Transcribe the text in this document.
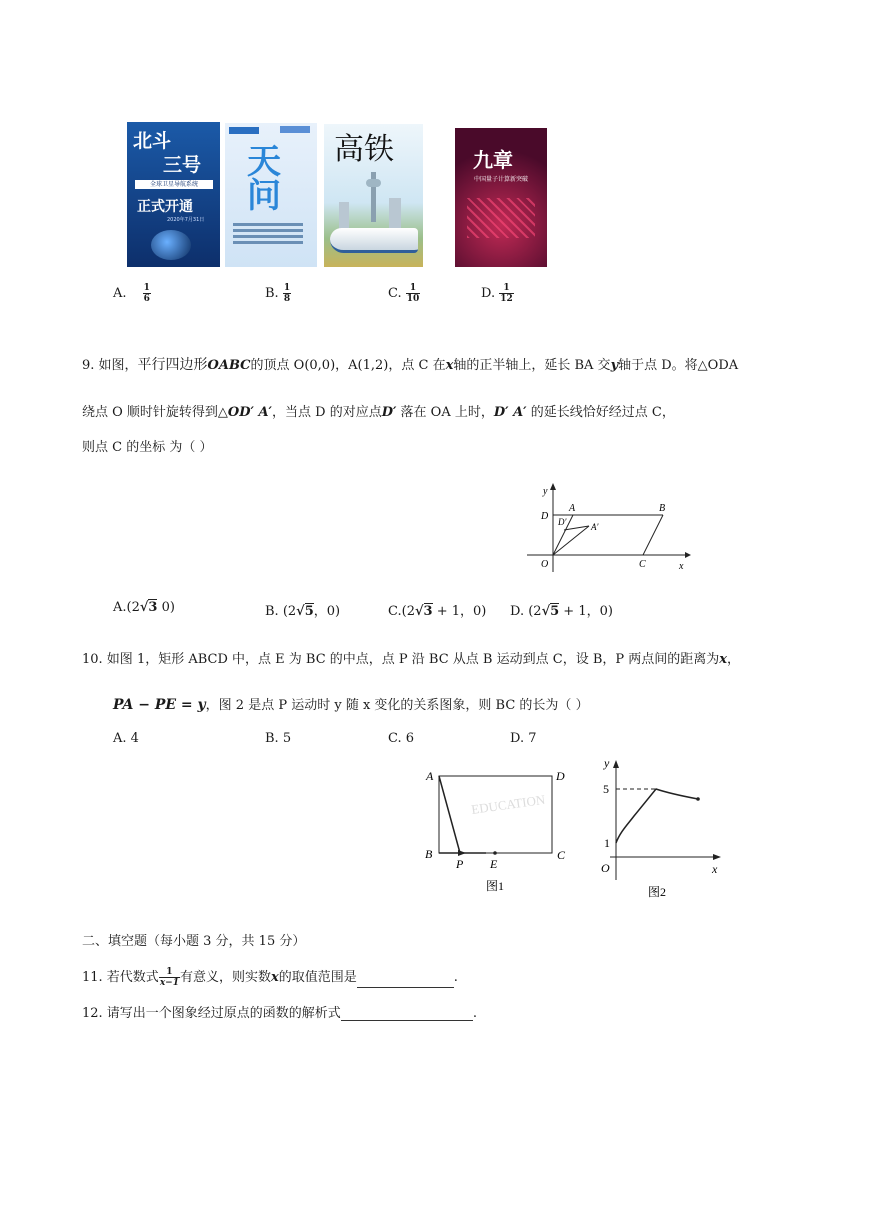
北斗
三号
全球卫星导航系统
正式开通
2020年7月31日
天
问
高铁	九章
中国量子计算新突破
A. $\frac{1}{6}$	B. $\frac{1}{8}$	C. $\frac{1}{10}$	D. $\frac{1}{12}$
9. 如图，平行四边形OABC的顶点 O(0,0)，A(1,2)，点 C 在x轴的正半轴上，延长 BA 交y轴于点 D。将△ODA
绕点 O 顺时针旋转得到△OD′ A′，当点 D 的对应点D′ 落在 OA 上时，D′ A′ 的延长线恰好经过点 C，
则点 C 的坐标 为（ ）
y
x
O
A	B
C
D D′	A′
A.(2√3 0)	B. (2√5，0)	C.(2√3 + 1，0) D. (2√5 + 1，0)
10. 如图 1，矩形 ABCD 中，点 E 为 BC 的中点，点 P 沿 BC 从点 B 运动到点 C，设 B，P 两点间的距离为x，
PA − PE = y，图 2 是点 P 运动时 y 随 x 变化的关系图象，则 BC 的长为（ ）
A. 4	B. 5	C. 6	D. 7
EDUCATION
A	D
B	C
P E
图1
y
x
O
5
1
图2
二、填空题（每小题 3 分，共 15 分）
11. 若代数式 $\frac{1}{x-1}$ 有意义，则实数x的取值范围是	.
12. 请写出一个图象经过原点的函数的解析式	.
